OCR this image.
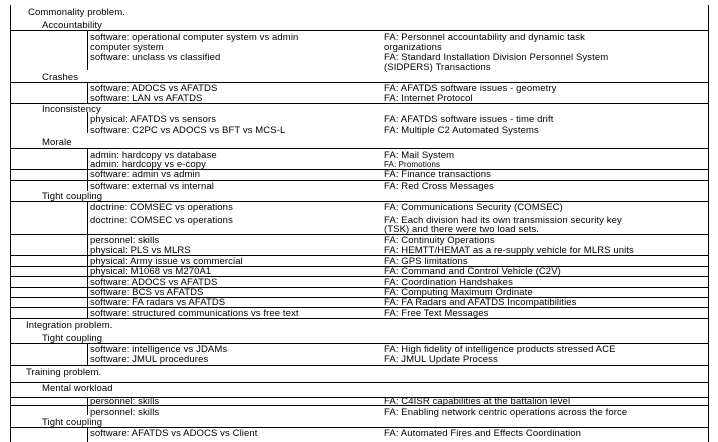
Commonality problem.
Accountability
software: operational computer system vs admin	FA: Personnel accountability and dynamic task
computer system	organizations
software: unclass vs classified	FA: Standard Installation Division Personnel System
(SIDPERS) Transactions
Crashes
software: ADOCS vs AFATDS	FA: AFATDS software issues - geometry
software: LAN vs AFATDS	FA: Internet Protocol
Inconsistency
physical: AFATDS vs sensors	FA: AFATDS software issues - time drift
software: C2PC vs ADOCS vs BFT vs MCS-L	FA: Multiple C2 Automated Systems
Morale
admin: hardcopy vs database	FA: Mail System
admin: hardcopy vs e-copy	FA: Promotions
software: admin vs admin	FA: Finance transactions
software: external vs internal	FA: Red Cross Messages
Tight coupling
doctrine: COMSEC vs operations	FA: Communications Security (COMSEC)
doctrine: COMSEC vs operations	FA: Each division had its own transmission security key
(TSK) and there were two load sets.
personnel: skills	FA: Continuity Operations
physical: PLS vs MLRS	FA: HEMTT/HEMAT as a re-supply vehicle for MLRS units
physical: Army issue vs commercial	FA: GPS limitations
physical: M1068 vs M270A1	FA: Command and Control Vehicle (C2V)
software: ADOCS vs AFATDS	FA: Coordination Handshakes
software: BCS vs AFATDS	FA: Computing Maximum Ordinate
software: FA radars vs AFATDS	FA: FA Radars and AFATDS Incompatibilities
software: structured communications vs free text	FA: Free Text Messages
Integration problem.
Tight coupling
software: intelligence vs JDAMs	FA: High fidelity of intelligence products stressed ACE
software: JMUL procedures	FA: JMUL Update Process
Training problem.
Mental workload
personnel: skills	FA: C4ISR capabilities at the battalion level
personnel: skills	FA: Enabling network centric operations across the force
Tight coupling
software: AFATDS vs ADOCS vs Client	FA: Automated Fires and Effects Coordination
